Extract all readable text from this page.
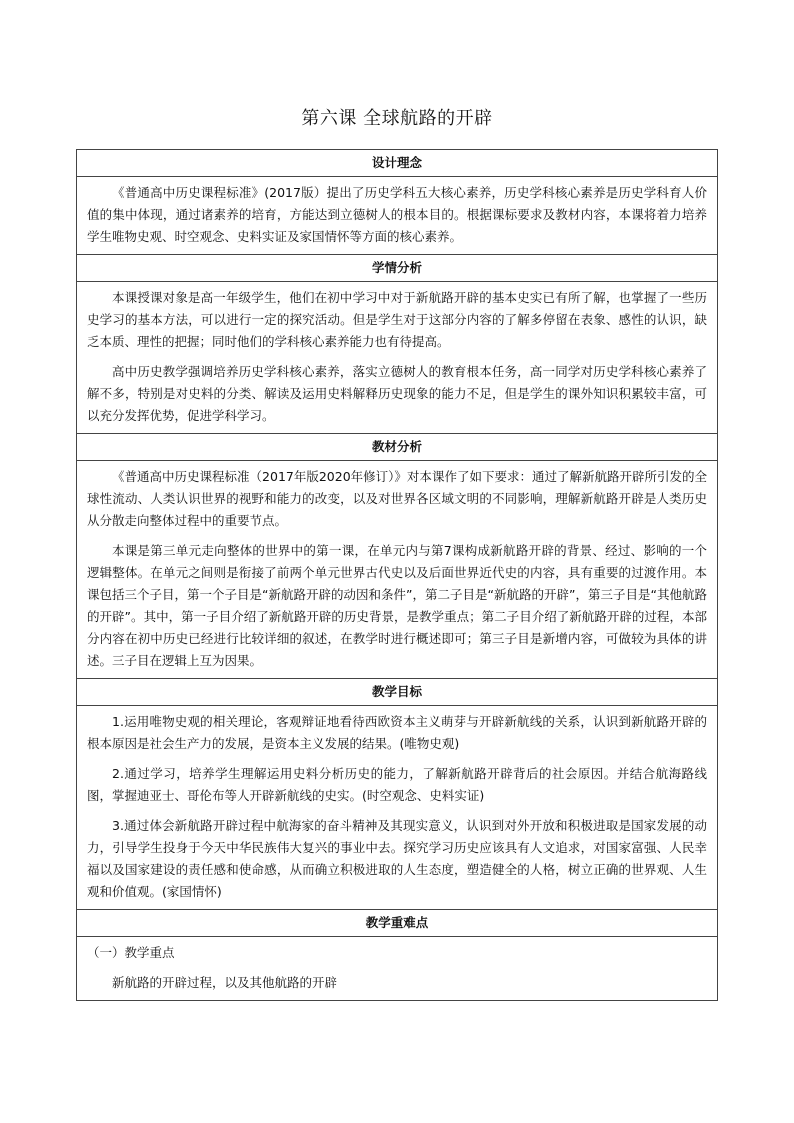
第六课 全球航路的开辟
设计理念

《普通高中历史课程标准》(2017版）提出了历史学科五大核心素养，历史学科核心素养是历史学科育人价值的集中体现，通过诸素养的培育，方能达到立德树人的根本目的。根据课标要求及教材内容，本课将着力培养学生唯物史观、时空观念、史料实证及家国情怀等方面的核心素养。

学情分析

本课授课对象是高一年级学生，他们在初中学习中对于新航路开辟的基本史实已有所了解，也掌握了一些历史学习的基本方法，可以进行一定的探究活动。但是学生对于这部分内容的了解多停留在表象、感性的认识，缺乏本质、理性的把握；同时他们的学科核心素养能力也有待提高。

高中历史教学强调培养历史学科核心素养，落实立德树人的教育根本任务，高一同学对历史学科核心素养了解不多，特别是对史料的分类、解读及运用史料解释历史现象的能力不足，但是学生的课外知识积累较丰富，可以充分发挥优势，促进学科学习。

教材分析

《普通高中历史课程标准（2017年版2020年修订）》对本课作了如下要求：通过了解新航路开辟所引发的全球性流动、人类认识世界的视野和能力的改变，以及对世界各区域文明的不同影响，理解新航路开辟是人类历史从分散走向整体过程中的重要节点。

本课是第三单元走向整体的世界中的第一课，在单元内与第7课构成新航路开辟的背景、经过、影响的一个逻辑整体。在单元之间则是衔接了前两个单元世界古代史以及后面世界近代史的内容，具有重要的过渡作用。本课包括三个子目，第一个子目是“新航路开辟的动因和条件”，第二子目是“新航路的开辟”，第三子目是“其他航路的开辟”。其中，第一子目介绍了新航路开辟的历史背景，是教学重点；第二子目介绍了新航路开辟的过程，本部分内容在初中历史已经进行比较详细的叙述，在教学时进行概述即可；第三子目是新增内容，可做较为具体的讲述。三子目在逻辑上互为因果。

教学目标

1.运用唯物史观的相关理论，客观辩证地看待西欧资本主义萌芽与开辟新航线的关系，认识到新航路开辟的根本原因是社会生产力的发展，是资本主义发展的结果。(唯物史观)

2.通过学习，培养学生理解运用史料分析历史的能力，了解新航路开辟背后的社会原因。并结合航海路线图，掌握迪亚士、哥伦布等人开辟新航线的史实。(时空观念、史料实证)

3.通过体会新航路开辟过程中航海家的奋斗精神及其现实意义，认识到对外开放和积极进取是国家发展的动力，引导学生投身于今天中华民族伟大复兴的事业中去。探究学习历史应该具有人文追求，对国家富强、人民幸福以及国家建设的责任感和使命感，从而确立积极进取的人生态度，塑造健全的人格，树立正确的世界观、人生观和价值观。(家国情怀)

教学重难点

（一）教学重点

新航路的开辟过程，以及其他航路的开辟
